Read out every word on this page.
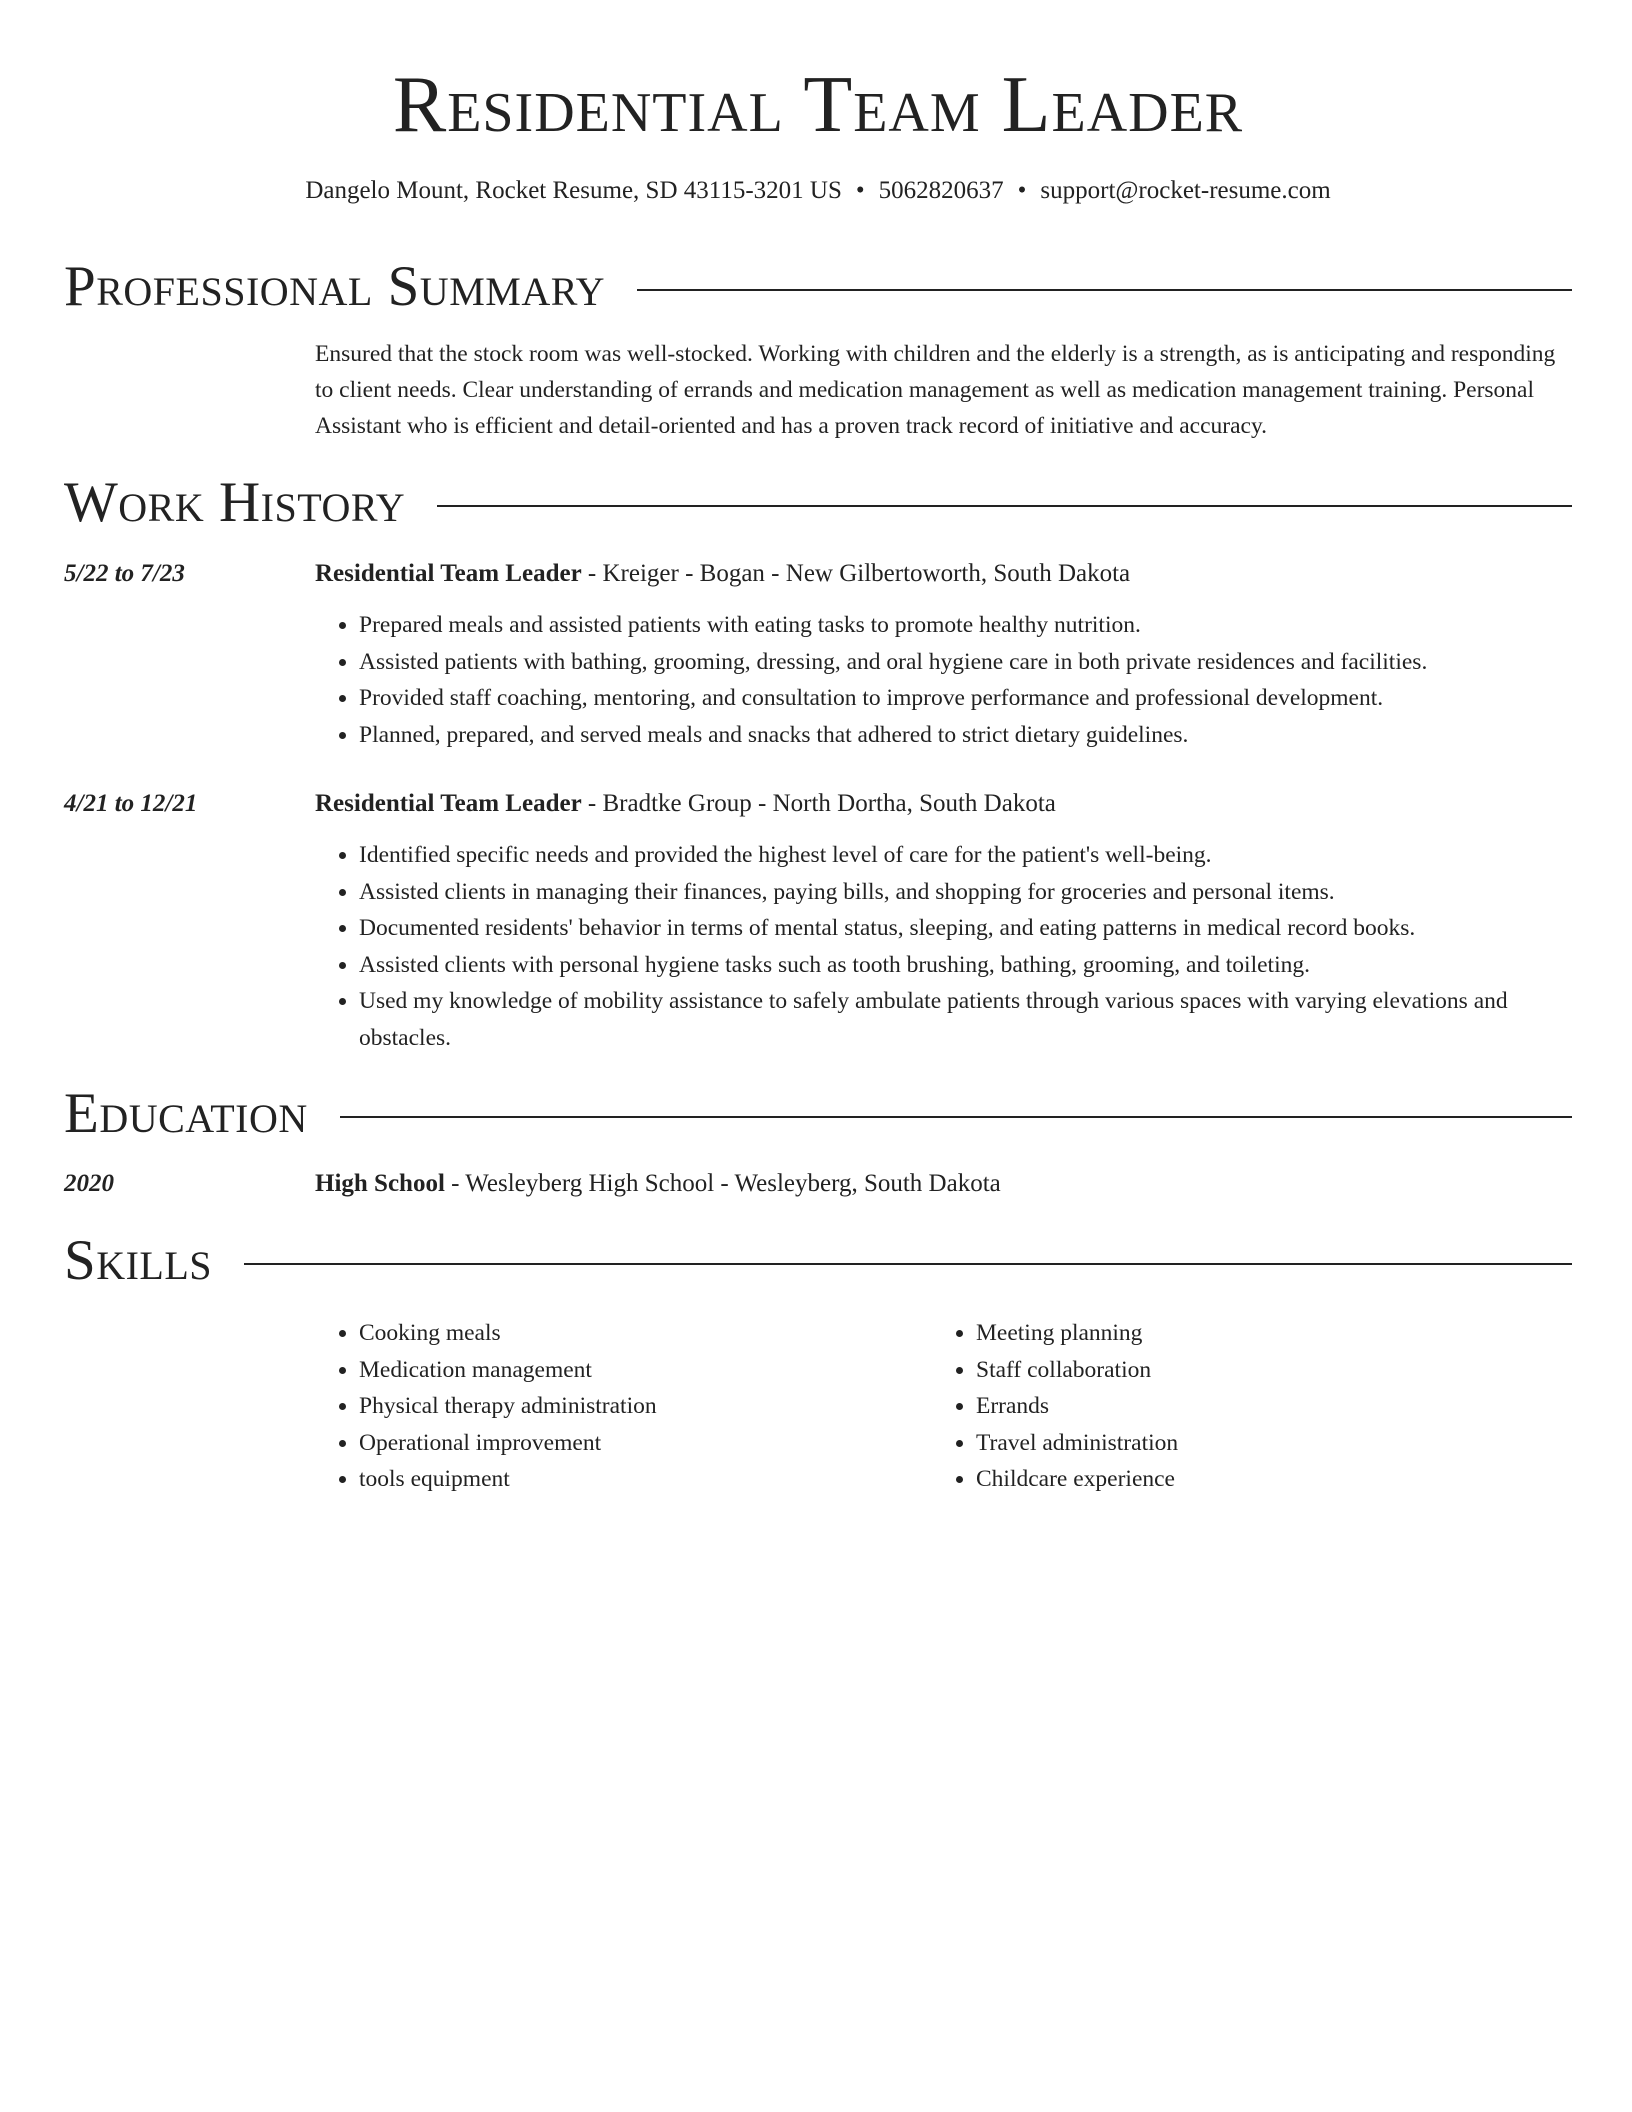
Residential Team Leader
Dangelo Mount, Rocket Resume, SD 43115-3201 US • 5062820637 • support@rocket-resume.com
Professional Summary
Ensured that the stock room was well-stocked. Working with children and the elderly is a strength, as is anticipating and responding to client needs. Clear understanding of errands and medication management as well as medication management training. Personal Assistant who is efficient and detail-oriented and has a proven track record of initiative and accuracy.
Work History
5/22 to 7/23	Residential Team Leader - Kreiger - Bogan - New Gilbertoworth, South Dakota
• Prepared meals and assisted patients with eating tasks to promote healthy nutrition.
• Assisted patients with bathing, grooming, dressing, and oral hygiene care in both private residences and facilities.
• Provided staff coaching, mentoring, and consultation to improve performance and professional development.
• Planned, prepared, and served meals and snacks that adhered to strict dietary guidelines.
4/21 to 12/21	Residential Team Leader - Bradtke Group - North Dortha, South Dakota
• Identified specific needs and provided the highest level of care for the patient's well-being.
• Assisted clients in managing their finances, paying bills, and shopping for groceries and personal items.
• Documented residents' behavior in terms of mental status, sleeping, and eating patterns in medical record books.
• Assisted clients with personal hygiene tasks such as tooth brushing, bathing, grooming, and toileting.
• Used my knowledge of mobility assistance to safely ambulate patients through various spaces with varying elevations and obstacles.
Education
2020	High School - Wesleyberg High School - Wesleyberg, South Dakota
Skills
• Cooking meals
• Medication management
• Physical therapy administration
• Operational improvement
• tools equipment
• Meeting planning
• Staff collaboration
• Errands
• Travel administration
• Childcare experience
